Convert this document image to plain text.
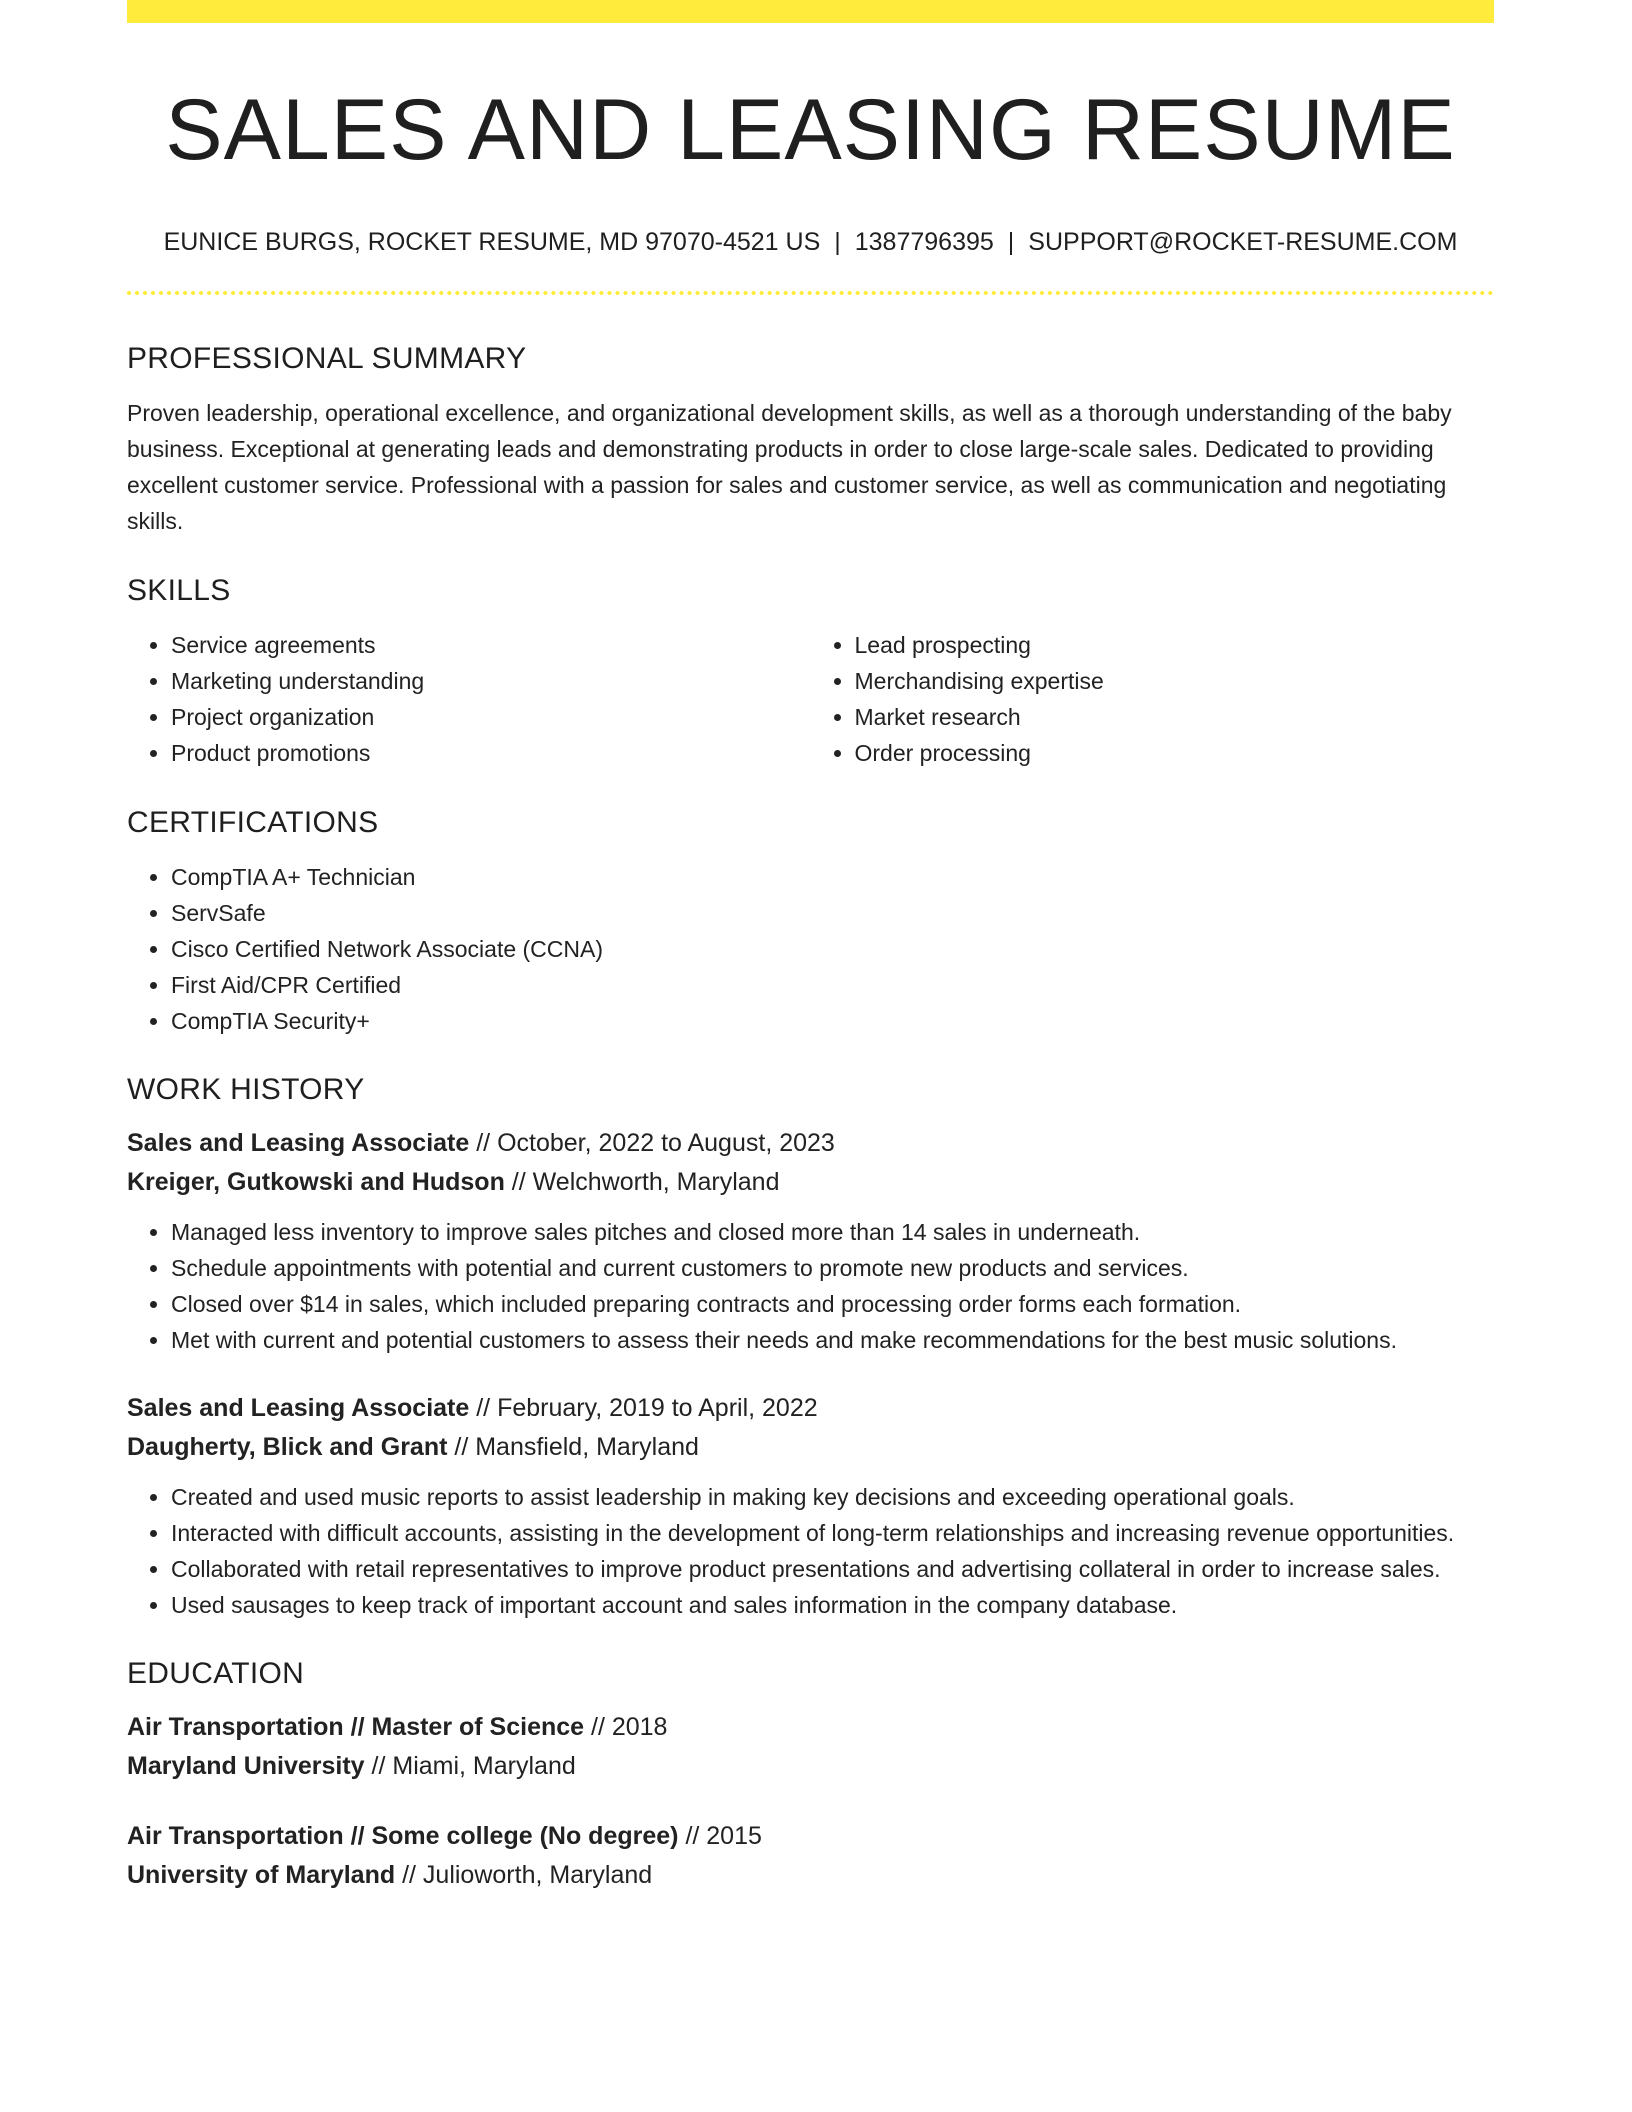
SALES AND LEASING RESUME
EUNICE BURGS, ROCKET RESUME, MD 97070-4521 US | 1387796395 | SUPPORT@ROCKET-RESUME.COM
PROFESSIONAL SUMMARY

Proven leadership, operational excellence, and organizational development skills, as well as a thorough understanding of the baby business. Exceptional at generating leads and demonstrating products in order to close large-scale sales. Dedicated to providing excellent customer service. Professional with a passion for sales and customer service, as well as communication and negotiating skills.

SKILLS
• Service agreements
• Marketing understanding
• Project organization
• Product promotions
• Lead prospecting
• Merchandising expertise
• Market research
• Order processing
CERTIFICATIONS
• CompTIA A+ Technician
• ServSafe
• Cisco Certified Network Associate (CCNA)
• First Aid/CPR Certified
• CompTIA Security+
WORK HISTORY

Sales and Leasing Associate // October, 2022 to August, 2023

Kreiger, Gutkowski and Hudson // Welchworth, Maryland

• Managed less inventory to improve sales pitches and closed more than 14 sales in underneath.
• Schedule appointments with potential and current customers to promote new products and services.
• Closed over $14 in sales, which included preparing contracts and processing order forms each formation.
• Met with current and potential customers to assess their needs and make recommendations for the best music solutions.

Sales and Leasing Associate // February, 2019 to April, 2022

Daugherty, Blick and Grant // Mansfield, Maryland

• Created and used music reports to assist leadership in making key decisions and exceeding operational goals.
• Interacted with difficult accounts, assisting in the development of long-term relationships and increasing revenue opportunities.
• Collaborated with retail representatives to improve product presentations and advertising collateral in order to increase sales.
• Used sausages to keep track of important account and sales information in the company database.
EDUCATION

Air Transportation // Master of Science // 2018

Maryland University // Miami, Maryland

Air Transportation // Some college (No degree) // 2015

University of Maryland // Julioworth, Maryland
